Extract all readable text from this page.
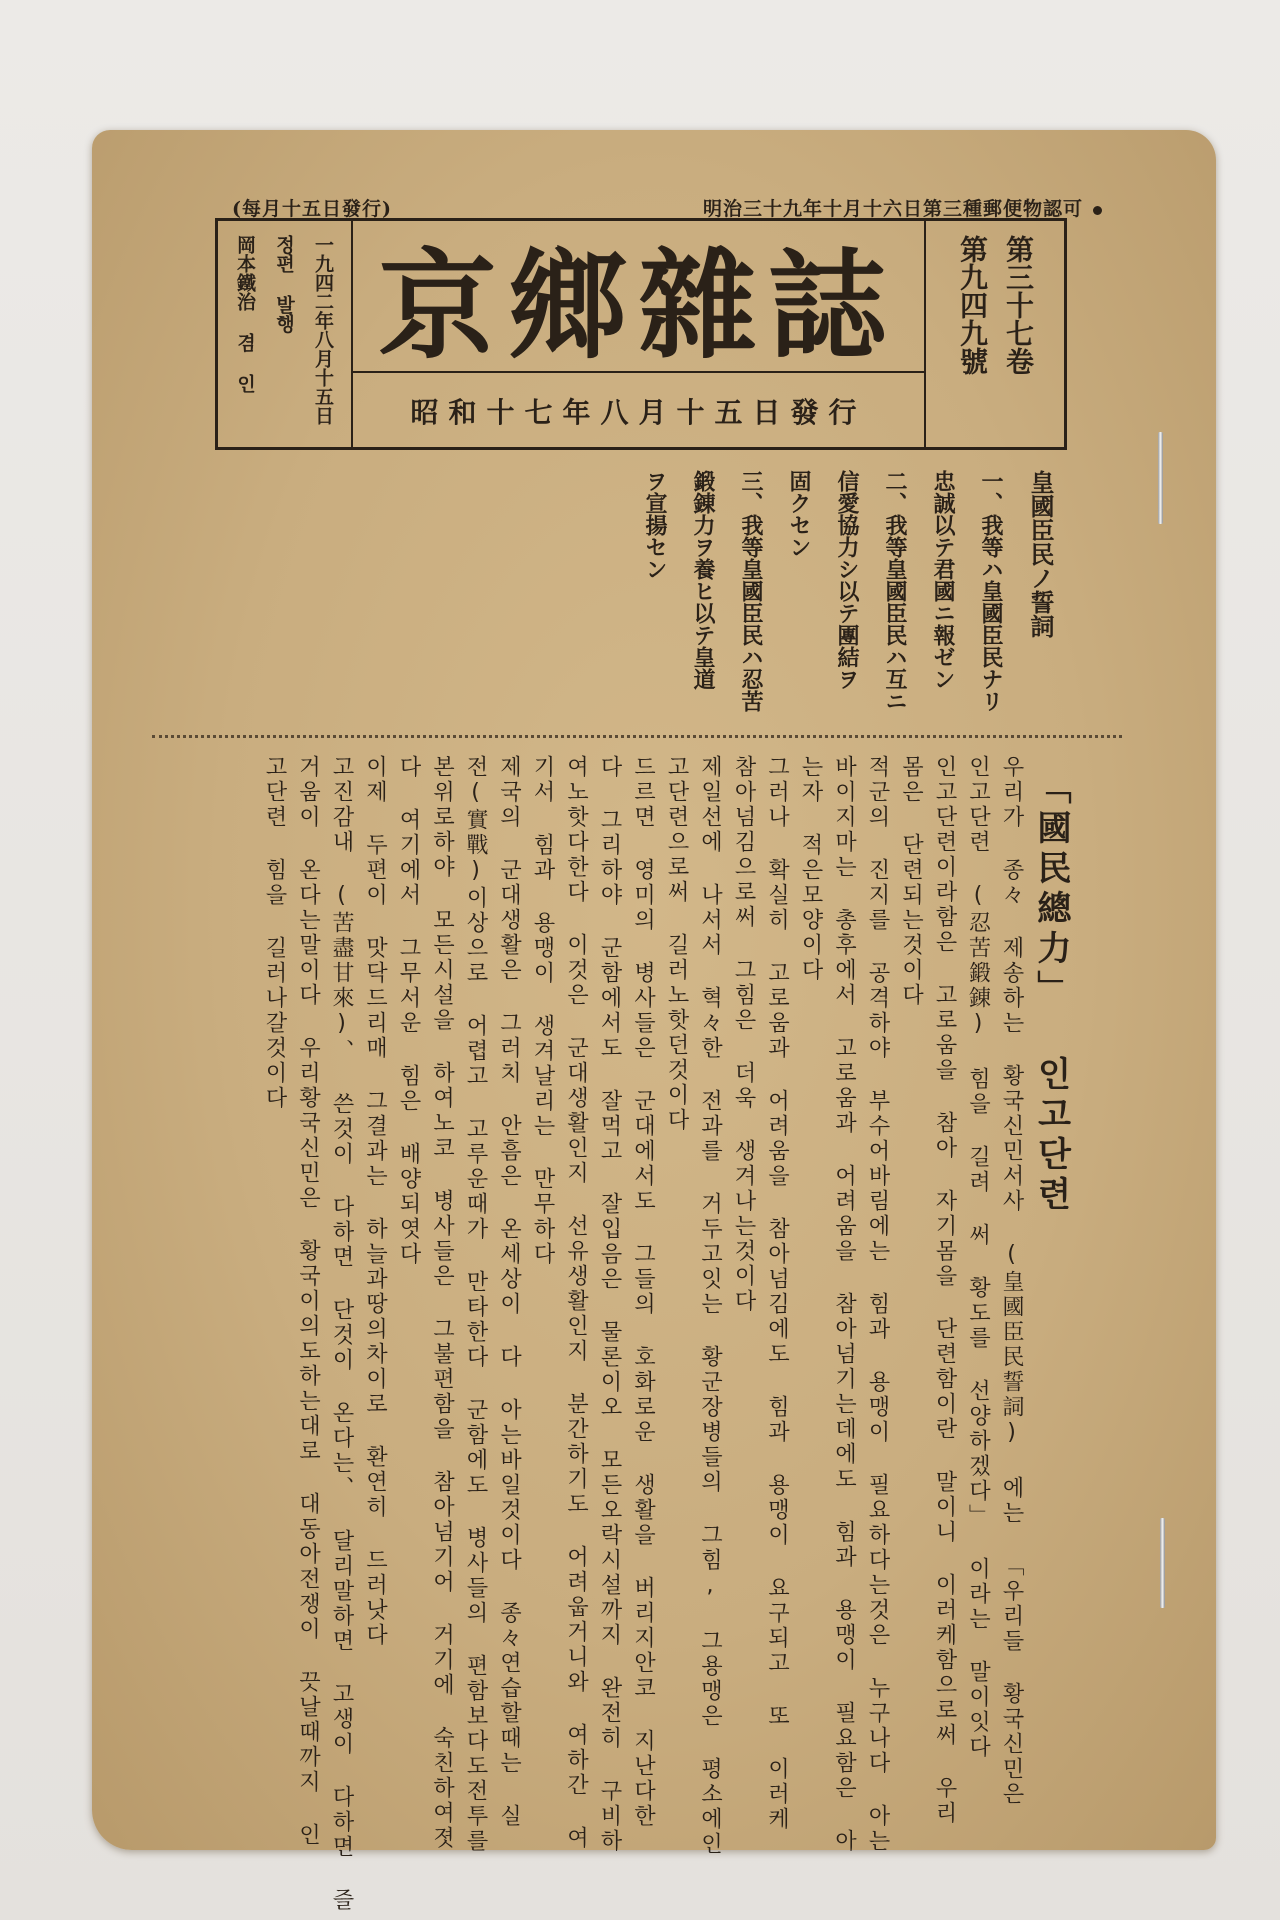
(每月十五日發行)	明治三十九年十月十六日第三種郵便物認可
第三十七卷
第九四九號
京鄉雜誌
昭和十七年八月十五日發行
一九四二年八月十五日
정편 발행
岡本鐵治 겸 인
皇國臣民ノ誓詞
一、我等ハ皇國臣民ナリ
忠誠以テ君國ニ報ゼン
二、我等皇國臣民ハ互ニ
信愛協力シ以テ團結ヲ
固クセン
三、我等皇國臣民ハ忍苦
鍛錬力ヲ養ヒ以テ皇道
ヲ宣揚セン
「國民總力」 인고단련
우리가 종々 제송하는 황국신민서사 (皇國臣民誓詞) 에는 「우리들 황국신민은
인고단련 (忍苦鍛錬) 힘을 길려 써 황도를 선양하겠다」 이라는 말이잇다
인고단련이라함은 고로움을 참아 자기몸을 단련함이란 말이니 이러케함으로써 우리
몸은 단련되는것이다
적군의 진지를 공격하야 부수어바림에는 힘과 용맹이 필요하다는것은 누구나다 아는
바이지마는 총후에서 고로움과 어려움을 참아넘기는데에도 힘과 용맹이 필요함은 아
는자 적은모양이다
그러나 확실히 고로움과 어려움을 참아넘김에도 힘과 용맹이 요구되고 또 이러케
참아넘김으로써 그힘은 더욱 생겨나는것이다
제일선에 나서서 혁々한 전과를 거두고잇는 황군장병들의 그힘, 그용맹은 평소에인
고단련으로써 길러노핫던것이다
드르면 영미의 병사들은 군대에서도 그들의 호화로운 생활을 버리지안코 지난다한
다 그리하야 군함에서도 잘먹고 잘입음은 물론이오 모든오락시설까지 완전히 구비하
여노핫다한다 이것은 군대생활인지 선유생활인지 분간하기도 어려웁거니와 여하간 여
기서 힘과 용맹이 생겨날리는 만무하다
제국의 군대생활은 그러치 안흠은 온세상이 다 아는바일것이다 종々연습할때는 실
전(實戰)이상으로 어렵고 고루운때가 만타한다 군함에도 병사들의 편함보다도전투를
본위로하야 모든시설을 하여노코 병사들은 그불편함을 참아넘기어 거기에 숙친하여졋
다 여기에서 그무서운 힘은 배양되엿다
이제 두편이 맛닥드리매 그결과는 하늘과땅의차이로 환연히 드러낫다
고진감내 (苦盡甘來)、 쓴것이 다하면 단것이 온다는、 달리말하면 고생이 다하면 즐
거움이 온다는말이다 우리황국신민은 황국이의도하는대로 대동아전쟁이 끗날때까지 인
고단련 힘을 길러나갈것이다
